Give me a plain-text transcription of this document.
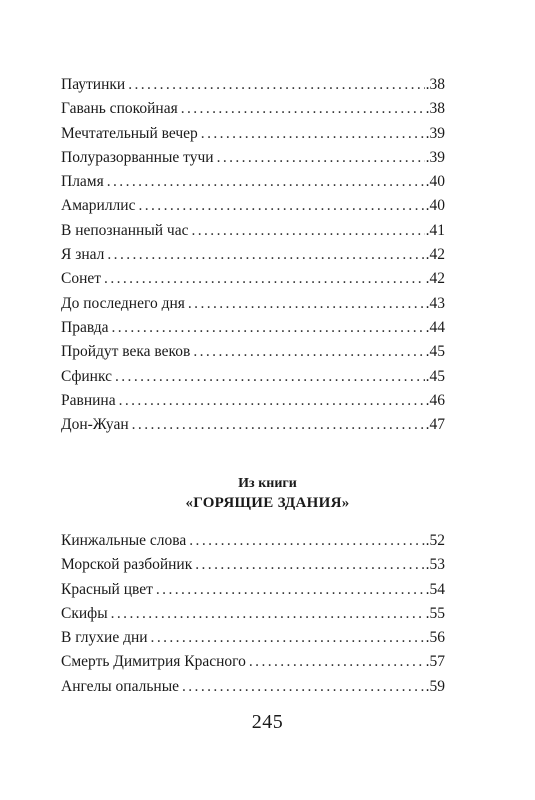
Паутинки .....	.38
Гавань спокойная .....	.38
Мечтательный вечер .....	.39
Полуразорванные тучи .....	.39
Пламя .....	.40
Амариллис .....	.40
В непознанный час .....	.41
Я знал .....	.42
Сонет .....	.42
До последнего дня .....	.43
Правда .....	.44
Пройдут века веков .....	.45
Сфинкс .....	.45
Равнина .....	.46
Дон-Жуан .....	.47
Из книги
«ГОРЯЩИЕ ЗДАНИЯ»
Кинжальные слова .....	.52
Морской разбойник .....	.53
Красный цвет .....	.54
Скифы .....	.55
В глухие дни .....	.56
Смерть Димитрия Красного .....	.57
Ангелы опальные .....	.59
245
